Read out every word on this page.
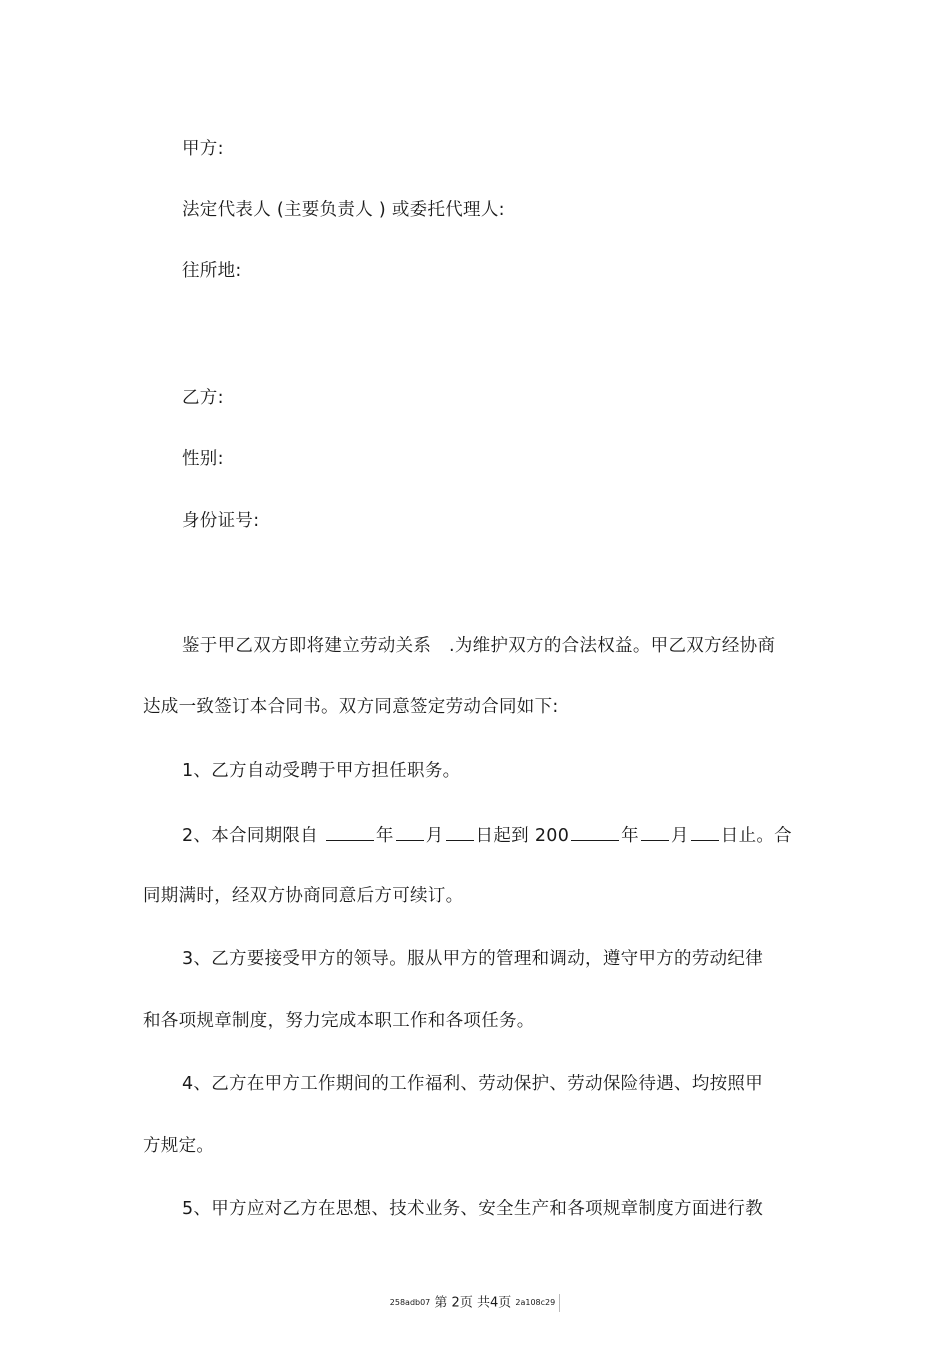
甲方:
法定代表人 (主要负责人 ) 或委托代理人:
往所地:
乙方:
性别:
身份证号:
鉴于甲乙双方即将建立劳动关系　.为维护双方的合法权益。甲乙双方经协商
达成一致签订本合同书。双方同意签定劳动合同如下:
1、乙方自动受聘于甲方担任职务。
2、本合同期限自	年 月 日起到 200	年 月 日止。合
同期满时，经双方协商同意后方可续订。
3、乙方要接受甲方的领导。服从甲方的管理和调动，遵守甲方的劳动纪律
和各项规章制度，努力完成本职工作和各项任务。
4、乙方在甲方工作期间的工作福利、劳动保护、劳动保险待遇、均按照甲
方规定。
5、甲方应对乙方在思想、技术业务、安全生产和各项规章制度方面进行教
258adb07 第 2页 共4页 2a108c29
